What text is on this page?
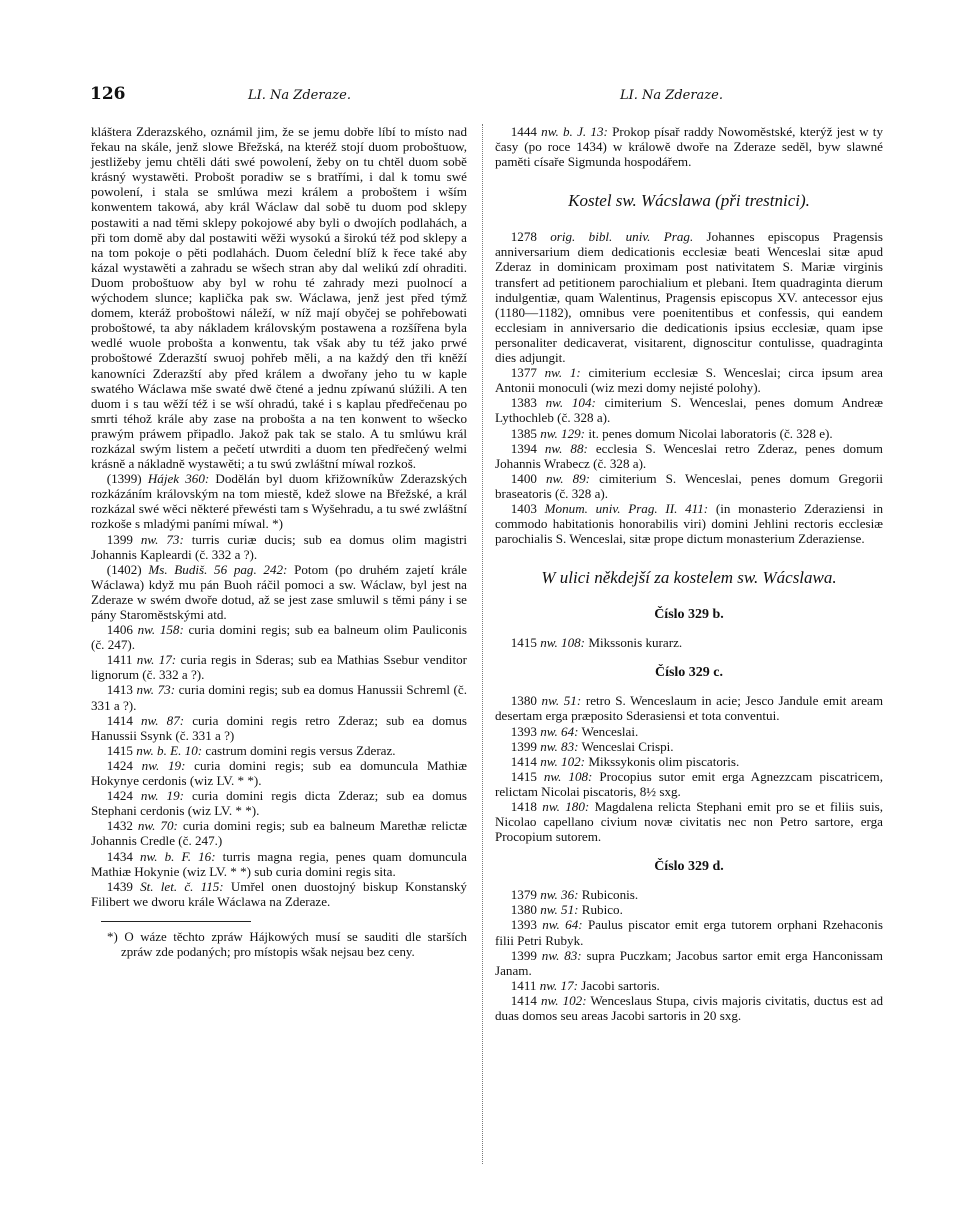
126	LI. Na Zderaze.	LI. Na Zderaze.

kláštera Zderazského, oznámil jim, že se jemu dobře líbí to místo nad řekau na skále, jenž slowe Břežská, na kteréž stojí duom proboštuow, jestližeby jemu chtěli dáti swé powolení, žeby on tu chtěl duom sobě krásný wystawěti. Probošt poradiw se s bratřími, i dal k tomu swé powolení, i stala se smlúwa mezi králem a proboštem i wším konwentem takowá, aby král Wáclaw dal sobě tu duom pod sklepy postawiti a nad těmi sklepy pokojowé aby byli o dwojích podlahách, a při tom domě aby dal postawiti wěži wysokú a širokú též pod sklepy a na tom pokoje o pěti podlahách. Duom čelední blíž k řece také aby kázal wystawěti a zahradu se wšech stran aby dal welikú zdí ohraditi. Duom proboštuow aby byl w rohu té zahrady mezi puolnocí a wýchodem slunce; kaplička pak sw. Wáclawa, jenž jest před týmž domem, kteráž proboštowi náleží, w níž mají obyčej se pohřebowati proboštowé, ta aby nákladem královským postawena a rozšířena byla wedlé wuole probošta a konwentu, tak však aby tu též jako prwé proboštowé Zderazští swuoj pohřeb měli, a na každý den tři kněží kanowníci Zderazští aby před králem a dwořany jeho tu w kaple swatého Wáclawa mše swaté dwě čtené a jednu zpíwanú slúžili. A ten duom i s tau wěží též i se wší ohradú, také i s kaplau předřečenau po smrti téhož krále aby zase na probošta a na ten konwent to wšecko prawým práwem připadlo. Jakož pak tak se stalo. A tu smlúwu král rozkázal swým listem a pečetí utwrditi a duom ten předřečený welmi krásně a nákladně wystawěti; a tu swú zwláštní míwal rozkoš.

(1399) Hájek 360: Dodělán byl duom křižowníkůw Zderazských rozkázáním královským na tom miestě, kdež slowe na Břežské, a král rozkázal swé wěci některé přewésti tam s Wyšehradu, a tu swé zwláštní rozkoše s mladými paními míwal. *)

1399 nw. 73: turris curiæ ducis; sub ea domus olim magistri Johannis Kapleardi (č. 332 a ?).

(1402) Ms. Budiš. 56 pag. 242: Potom (po druhém zajetí krále Wáclawa) když mu pán Buoh ráčil pomoci a sw. Wáclaw, byl jest na Zderaze w swém dwoře dotud, až se jest zase smluwil s těmi pány i se pány Staroměstskými atd.

1406 nw. 158: curia domini regis; sub ea balneum olim Pauliconis (č. 247).

1411 nw. 17: curia regis in Sderas; sub ea Mathias Ssebur venditor lignorum (č. 332 a ?).

1413 nw. 73: curia domini regis; sub ea domus Hanussii Schreml (č. 331 a ?).

1414 nw. 87: curia domini regis retro Zderaz; sub ea domus Hanussii Ssynk (č. 331 a ?)

1415 nw. b. E. 10: castrum domini regis versus Zderaz.

1424 nw. 19: curia domini regis; sub ea domuncula Mathiæ Hokynye cerdonis (wiz LV. * *).

1424 nw. 19: curia domini regis dicta Zderaz; sub ea domus Stephani cerdonis (wiz LV. * *).

1432 nw. 70: curia domini regis; sub ea balneum Marethæ relictæ Johannis Credle (č. 247.)

1434 nw. b. F. 16: turris magna regia, penes quam domuncula Mathiæ Hokynie (wiz LV. * *) sub curia domini regis sita.

1439 St. let. č. 115: Umřel onen duostojný biskup Konstanský Filibert we dworu krále Wáclawa na Zderaze.

*) O wáze těchto zpráw Hájkowých musí se sauditi dle starších zpráw zde podaných; pro místopis wšak nejsau bez ceny.

1444 nw. b. J. 13: Prokop písař raddy Nowoměstské, kterýž jest w ty časy (po roce 1434) w králowě dwoře na Zderaze seděl, byw slawné paměti císaře Sigmunda hospodářem.

Kostel sw. Wácslawa (při trestnici).

1278 orig. bibl. univ. Prag. Johannes episcopus Pragensis anniversarium diem dedicationis ecclesiæ beati Wenceslai sitæ apud Zderaz in dominicam proximam post nativitatem S. Mariæ virginis transfert ad petitionem parochialium et plebani. Item quadraginta dierum indulgentiæ, quam Walentinus, Pragensis episcopus XV. antecessor ejus (1180—1182), omnibus vere poenitentibus et confessis, qui eandem ecclesiam in anniversario die dedicationis ipsius ecclesiæ, quam ipse personaliter dedicaverat, visitarent, dignoscitur contulisse, quadraginta dies adjungit.

1377 nw. 1: cimiterium ecclesiæ S. Wenceslai; circa ipsum area Antonii monoculi (wiz mezi domy nejisté polohy).

1383 nw. 104: cimiterium S. Wenceslai, penes domum Andreæ Lythochleb (č. 328 a).

1385 nw. 129: it. penes domum Nicolai laboratoris (č. 328 e).

1394 nw. 88: ecclesia S. Wenceslai retro Zderaz, penes domum Johannis Wrabecz (č. 328 a).

1400 nw. 89: cimiterium S. Wenceslai, penes domum Gregorii braseatoris (č. 328 a).

1403 Monum. univ. Prag. II. 411: (in monasterio Zderaziensi in commodo habitationis honorabilis viri) domini Jehlini rectoris ecclesiæ parochialis S. Wenceslai, sitæ prope dictum monasterium Zderaziense.

W ulici někdejší za kostelem sw. Wácslawa.
Číslo 329 b.

1415 nw. 108: Mikssonis kurarz.

Číslo 329 c.

1380 nw. 51: retro S. Wenceslaum in acie; Jesco Jandule emit aream desertam erga præposito Sderasiensi et tota conventui.

1393 nw. 64: Wenceslai.

1399 nw. 83: Wenceslai Crispi.

1414 nw. 102: Mikssykonis olim piscatoris.

1415 nw. 108: Procopius sutor emit erga Agnezzcam piscatricem, relictam Nicolai piscatoris, 8½ sxg.

1418 nw. 180: Magdalena relicta Stephani emit pro se et filiis suis, Nicolao capellano civium novæ civitatis nec non Petro sartore, erga Procopium sutorem.

Číslo 329 d.

1379 nw. 36: Rubiconis.

1380 nw. 51: Rubico.

1393 nw. 64: Paulus piscator emit erga tutorem orphani Rzehaconis filii Petri Rubyk.

1399 nw. 83: supra Puczkam; Jacobus sartor emit erga Hanconissam Janam.

1411 nw. 17: Jacobi sartoris.

1414 nw. 102: Wenceslaus Stupa, civis majoris civitatis, ductus est ad duas domos seu areas Jacobi sartoris in 20 sxg.
